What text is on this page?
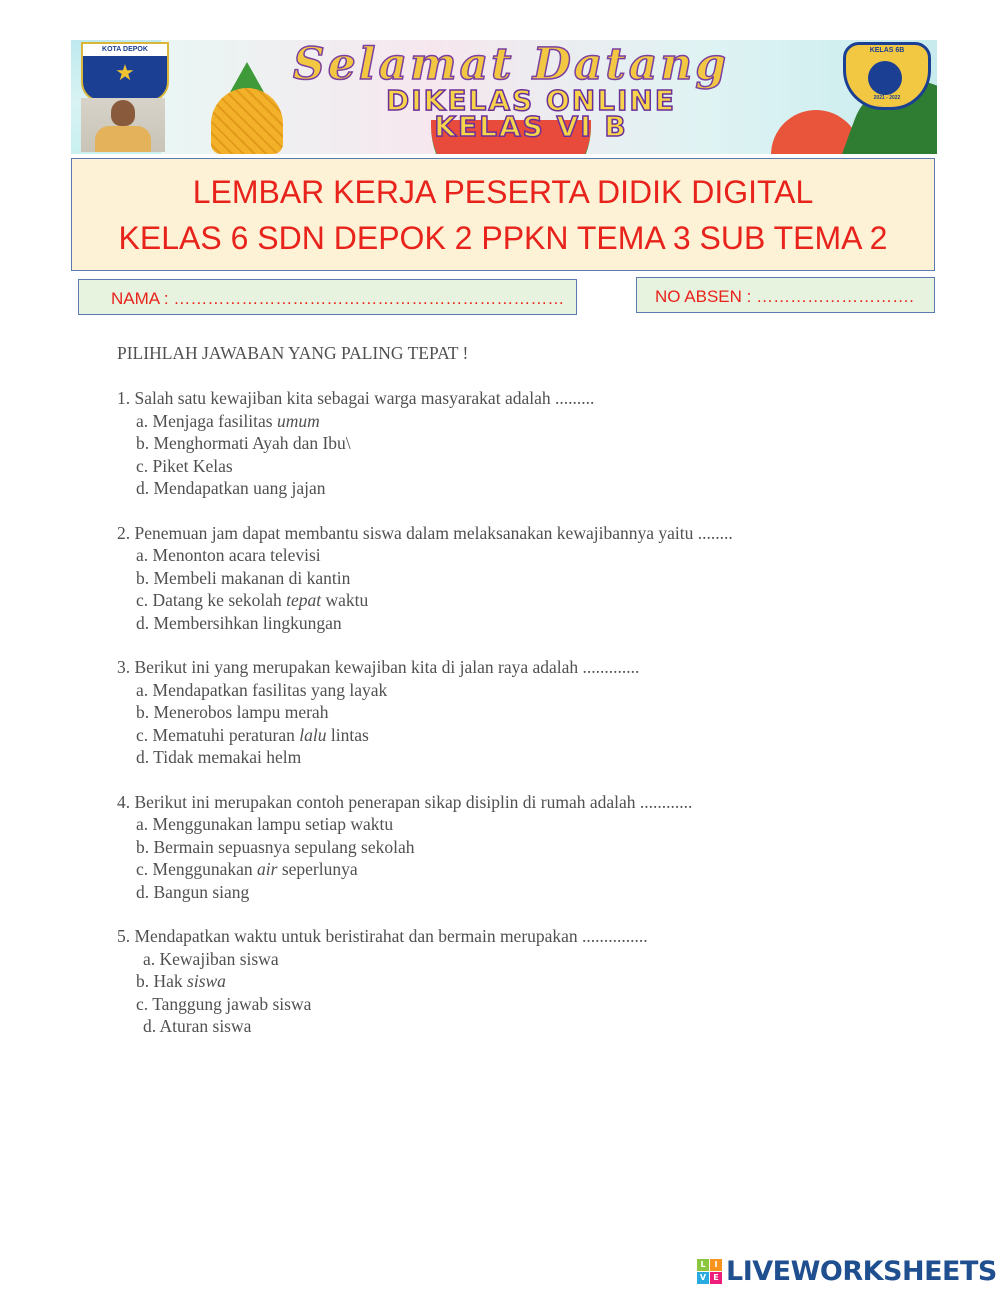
KOTA DEPOK
★	Selamat Datang
DIKELAS ONLINE
KELAS VI B
KELAS 6B
2021 - 2022
LEMBAR KERJA PESERTA DIDIK DIGITAL
KELAS 6 SDN DEPOK 2 PPKN TEMA 3 SUB TEMA 2
NAMA : ……………………………………………………………	NO ABSEN : ……………………….
PILIHLAH JAWABAN YANG PALING TEPAT !
1. Salah satu kewajiban kita sebagai warga masyarakat adalah .........
a. Menjaga fasilitas umum
b. Menghormati Ayah dan Ibu\
c. Piket Kelas
d. Mendapatkan uang jajan
2. Penemuan jam dapat membantu siswa dalam melaksanakan kewajibannya yaitu ........
a. Menonton acara televisi
b. Membeli makanan di kantin
c. Datang ke sekolah tepat waktu
d. Membersihkan lingkungan
3. Berikut ini yang merupakan kewajiban kita di jalan raya adalah .............
a. Mendapatkan fasilitas yang layak
b. Menerobos lampu merah
c. Mematuhi peraturan lalu lintas
d. Tidak memakai helm
4. Berikut ini merupakan contoh penerapan sikap disiplin di rumah adalah ............
a. Menggunakan lampu setiap waktu
b. Bermain sepuasnya sepulang sekolah
c. Menggunakan air seperlunya
d. Bangun siang
5. Mendapatkan waktu untuk beristirahat dan bermain merupakan ...............
a. Kewajiban siswa
b. Hak siswa
c. Tanggung jawab siswa
d. Aturan siswa
L	I
V E LIVEWORKSHEETS
